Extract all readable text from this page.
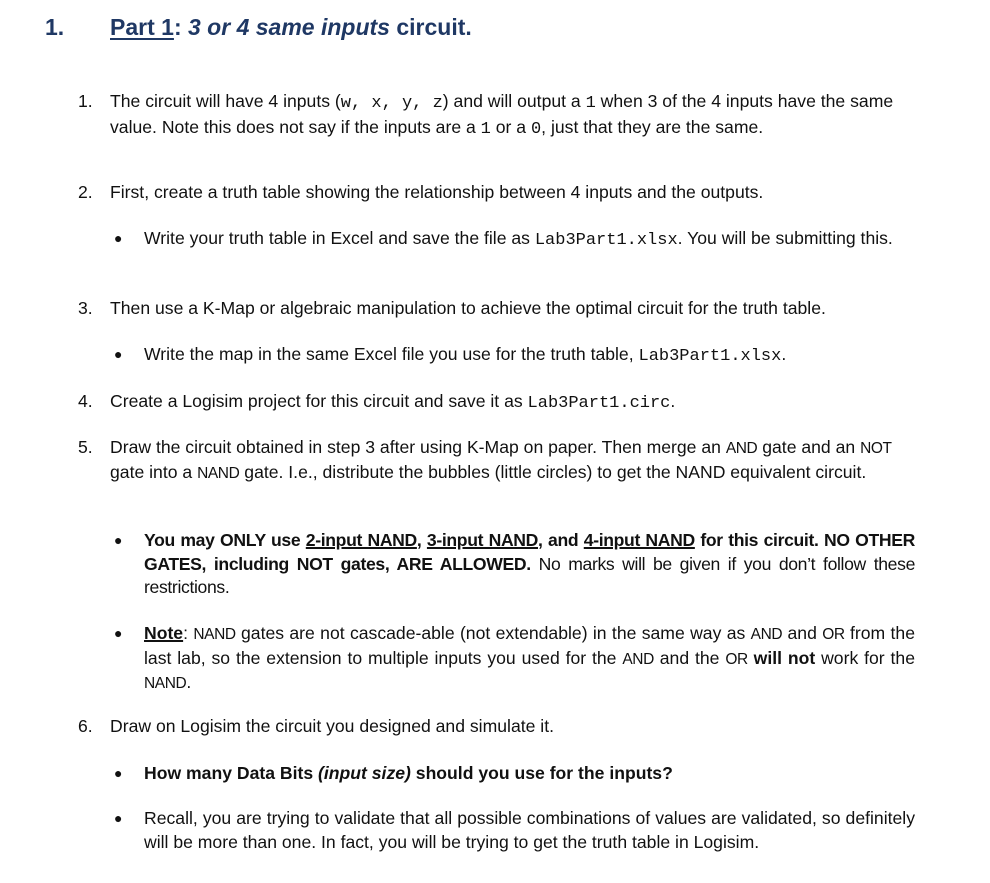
1. Part 1: 3 or 4 same inputs circuit.
1. The circuit will have 4 inputs (w, x, y, z) and will output a 1 when 3 of the 4 inputs have the same value. Note this does not say if the inputs are a 1 or a 0, just that they are the same.
2. First, create a truth table showing the relationship between 4 inputs and the outputs.
● Write your truth table in Excel and save the file as Lab3Part1.xlsx. You will be submitting this.
3. Then use a K-Map or algebraic manipulation to achieve the optimal circuit for the truth table.
● Write the map in the same Excel file you use for the truth table, Lab3Part1.xlsx.
4. Create a Logisim project for this circuit and save it as Lab3Part1.circ.
5. Draw the circuit obtained in step 3 after using K-Map on paper. Then merge an AND gate and an NOT gate into a NAND gate. I.e., distribute the bubbles (little circles) to get the NAND equivalent circuit.
● You may ONLY use 2-input NAND, 3-input NAND, and 4-input NAND for this circuit. NO OTHER GATES, including NOT gates, ARE ALLOWED. No marks will be given if you don’t follow these restrictions.
● Note: NAND gates are not cascade-able (not extendable) in the same way as AND and OR from the last lab, so the extension to multiple inputs you used for the AND and the OR will not work for the NAND.
6. Draw on Logisim the circuit you designed and simulate it.
● How many Data Bits (input size) should you use for the inputs?
● Recall, you are trying to validate that all possible combinations of values are validated, so definitely will be more than one. In fact, you will be trying to get the truth table in Logisim.
